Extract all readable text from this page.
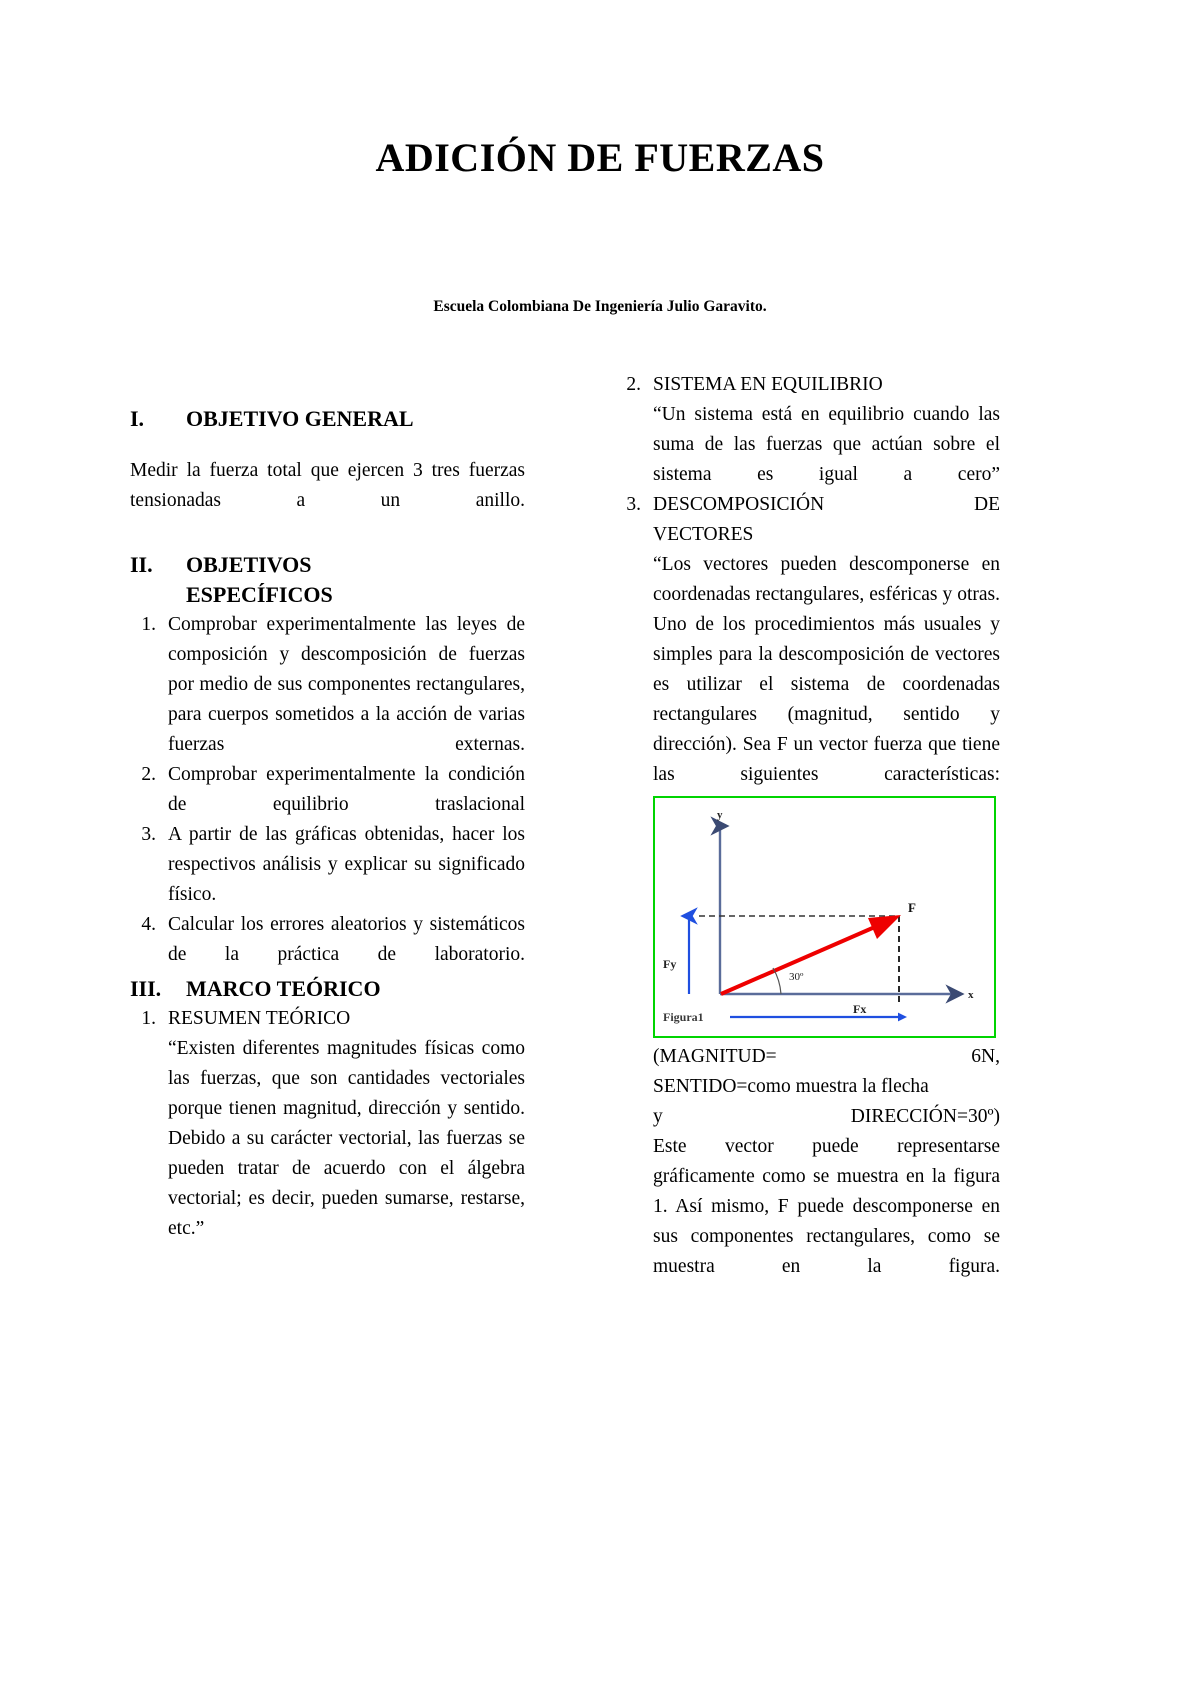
ADICIÓN DE FUERZAS
Escuela Colombiana De Ingeniería Julio Garavito.
I.	OBJETIVO GENERAL

Medir la fuerza total que ejercen 3 tres fuerzas tensionadas a un anillo.

II.	OBJETIVOS
ESPECÍFICOS
1. Comprobar experimentalmente las leyes de composición y descomposición de fuerzas por medio de sus componentes rectangulares, para cuerpos sometidos a la acción de varias fuerzas externas.
2. Comprobar experimentalmente la condición de equilibrio traslacional
3. A partir de las gráficas obtenidas, hacer los respectivos análisis y explicar su significado físico.
4. Calcular los errores aleatorios y sistemáticos de la práctica de laboratorio.
III.	MARCO TEÓRICO
1. RESUMEN TEÓRICO
“Existen diferentes magnitudes físicas como las fuerzas, que son cantidades vectoriales porque tienen magnitud, dirección y sentido. Debido a su carácter vectorial, las fuerzas se pueden tratar de acuerdo con el álgebra vectorial; es decir, pueden sumarse, restarse, etc.”
2. SISTEMA EN EQUILIBRIO
“Un sistema está en equilibrio cuando las suma de las fuerzas que actúan sobre el sistema es igual a cero”
3. DESCOMPOSICIÓN	DE
VECTORES
“Los vectores pueden descomponerse en coordenadas rectangulares, esféricas y otras.
Uno de los procedimientos más usuales y simples para la descomposición de vectores es utilizar el sistema de coordenadas rectangulares (magnitud, sentido y dirección). Sea F un vector fuerza que tiene las siguientes características:
y
x
Fy
Fx
F
30º
Figura1
(MAGNITUD=	6N,
SENTIDO=como muestra la flecha
y	DIRECCIÓN=30º)
Este vector puede representarse gráficamente como se muestra en la figura 1. Así mismo, F puede descomponerse en sus componentes rectangulares, como se muestra en la figura.
